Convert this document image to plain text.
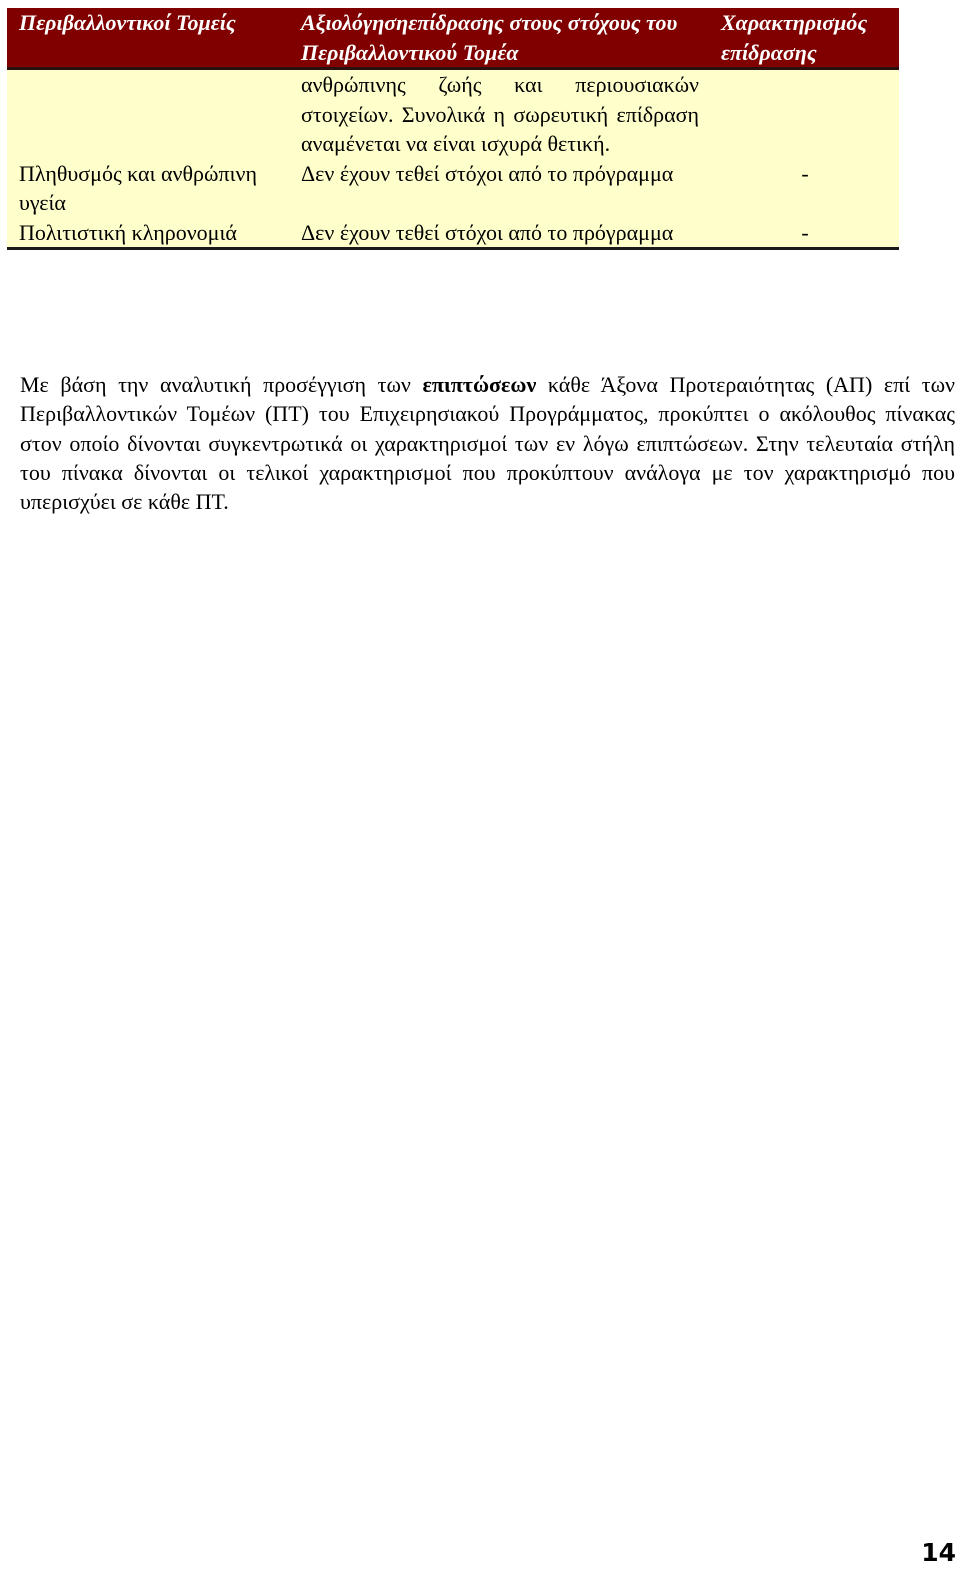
Περιβαλλοντικοί Τομείς	Αξιολόγησηεπίδρασης στους στόχους του Περιβαλλοντικού Τομέα	Χαρακτηρισμός επίδρασης
	ανθρώπινης ζωής και περιουσιακών στοιχείων. Συνολικά η σωρευτική επίδραση αναμένεται να είναι ισχυρά θετική.	
Πληθυσμός και ανθρώπινη υγεία	Δεν έχουν τεθεί στόχοι από το πρόγραμμα	-
Πολιτιστική κληρονομιά	Δεν έχουν τεθεί στόχοι από το πρόγραμμα	-

Με βάση την αναλυτική προσέγγιση των επιπτώσεων κάθε Άξονα Προτεραιότητας (ΑΠ) επί των Περιβαλλοντικών Τομέων (ΠΤ) του Επιχειρησιακού Προγράμματος, προκύπτει ο ακόλουθος πίνακας στον οποίο δίνονται συγκεντρωτικά οι χαρακτηρισμοί των εν λόγω επιπτώσεων. Στην τελευταία στήλη του πίνακα δίνονται οι τελικοί χαρακτηρισμοί που προκύπτουν ανάλογα με τον χαρακτηρισμό που υπερισχύει σε κάθε ΠΤ.

14
